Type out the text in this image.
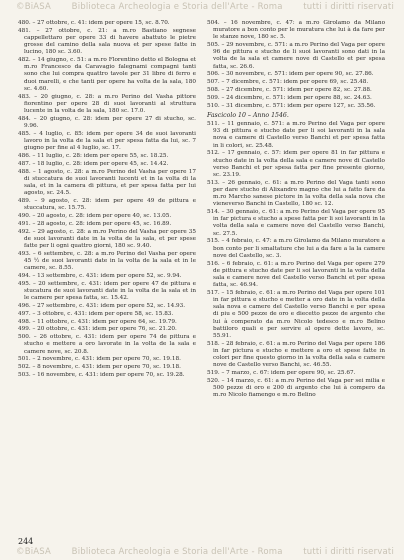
©BiASA	Biblioteca Archeologia e Storia dell'Arte - Roma	tutti i diritti riservati

480. – 27 ottobre, c. 41: idem per opere 15, sc. 8.70.

481. – 27 ottobre, c. 21: a m.ro Bastiano segnese cappellettaro per opere 33 di havere abattuto le pietre grosse del camino della sala nuova et per spese fatte in lucino, 180 sc. 3.60.

482. – 14 giugno, c. 51: a m.ro Florentino detto el Bologna et m.ro Francesco da Caravagio falegnami compagni tanti sono che lui compra quattro tavole per 31 libre di ferro e duoi marelli, e che tanti per opere ha volta de la sala, 180 sc. 4.60.

483. – 20 giugno, c. 28: a m.ro Perino del Vasha pittore fiorentino per opere 28 di suoi lavoranti al struttura lucente in la volta de la sala, 180 sc. 17.0.

484. – 20 giugno, c. 28: idem per opere 27 di stucho, sc. 9.96.

485. – 4 luglio, c. 85: idem per opere 34 de suoi lavoranti lavoro in la volta de la sala et per spesa fatta da lui, sc. 7 giugno per fine al 4 luglio, sc. 17.

486. – 11 luglio, c. 28: idem per opere 55, sc. 18.25.

487. – 18 luglio, c. 28: idem per opere 45, sc. 14.42.

488. – 1 agosto, c. 28: a m.ro Perino del Vasha per opere 17 di stuccatura de suoi lavoranti lucenti et in la volta di la sala, et in la camera di pittura, et per spesa fatta per lui agosto, sc. 24.5.

489. – 9 agosto, c. 28: idem per opere 49 de pittura e stuccatura, sc. 15.75.

490. – 20 agosto, c. 28: idem per opere 40, sc. 13.05.

491. – 28 agosto, c. 28: idem per opere 45, sc. 16.89.

492. – 29 agosto, c. 28: a m.ro Perino del Vasha per opere 35 de suoi lavoranti date in la volta de la sala, et per spese fatte per li ogni quattro giorni, 180 sc. 9.40.

493. – 6 settembre, c. 28: a m.ro Perino del Vasha per opere 45 ½ de suoi lavoranti date in la volta de la sala et in le camere, sc. 8.55.

494. – 13 settembre, c. 431: idem per opere 52, sc. 9.94.

495. – 20 settembre, c. 431: idem per opere 47 de pittura e stucatura de suoi lavoranti date in la volta de la sala et in le camere per spesa fatta, sc. 15.42.

496. – 27 settembre, c. 431: idem per opere 52, sc. 14.93.

497. – 3 ottobre, c. 431: idem per opere 58, sc. 15.83.

498. – 11 ottobre, c. 431: idem per opere 64, sc. 19.79.

499. – 20 ottobre, c. 431: idem per opere 76, sc. 21.20.

500. – 26 ottobre, c. 431: idem per opere 74 de pittura e stucho e mettere a oro lavorate in la volta de la sala e camere nove, sc. 20.8.

501. – 2 novembre, c. 431: idem per opere 70, sc. 19.18.

502. – 8 novembre, c. 431: idem per opere 70, sc. 19.18.

503. – 16 novembre, c. 431: idem per opere 70, sc. 19.28.

504. – 16 novembre, c. 47: a m.ro Girolamo da Milano muratore a bon conto per le muratura che lui à da fare per le stanze nove, 180 sc. 5.

505. – 29 novembre, c. 571: a m.ro Perino del Vaga per opere 96 de pittura e stucho de li suoi lavoranti sono dati in la volta de la sala et camere nove di Castello et per spesa fatta, sc. 26.6.

506. – 30 novembre, c. 571: idem per opere 90, sc. 27.86.

507. – 7 dicembre, c. 571: idem per opere 69, sc. 25.48.

508. – 27 dicembre, c. 571: idem per opere 82, sc. 27.88.

509. – 24 dicembre, c. 571: idem per opere 88, sc. 24.63.

510. – 31 dicembre, c. 571: idem per opere 127, sc. 35.56.

Fascicolo 10 – Anno 1546.

511. – 11 gennaio, c. 571: a m.ro Perino del Vaga per opere 93 di pittura e stucho date per li soi lavoranti in la sala nova e camere di Castello verso Banchi et per spesa fatta in li colori, sc. 25.48.

512. – 17 gennaio, c. 57: idem per opere 81 in far pittura e stucho date in la volta della sala e camere nove di Castello verso Banchi et per spesa fatta per fine presente giorno, sc. 23.19.

513. – 26 gennaio, c. 61: a m.ro Perino del Vaga tanti sono per dare stucho di Alixandro magno che lui a fatto fare da m.ro Marcho sanese pictore in la volta della sala nova che vieneverso Banchi in Castello, 180 sc. 12.

514. – 30 gennaio, c. 61: a m.ro Perino del Vaga per opere 95 in far pictura e stucho a spese fatta per li soi lavoranti in la volta della sala e camere nove del Castello verso Banchi, sc. 27.5.

515. – 4 febraio, c. 47: a m.ro Girolamo da Milano muratore a bon conto per li smaltature che lui a da fare a la la camere nove del Castello, sc. 3.

516. – 6 febraio, c. 61: a m.ro Perino del Vaga per opere 279 de pittura e stucho date per li soi lavoranti in la volta della sala e camere nove del Castello verso Banchi et per spesa fatta, sc. 46.94.

517. – 15 febraio, c. 61: a m.ro Perino del Vaga per opere 101 in far pittura e stucho e metter a oro date in la volta della sala nova e camere del Castello verso Banchi e per spesa di piu e 500 pezze de oro e diecetto pezze de argento che lui à comperato da m.ro Nicolo tedesco e m.ro Belino battiloro quali e per servire al opere dette lavoro, sc. 55.91.

518. – 28 febraio, c. 61: a m.ro Perino del Vaga per opere 186 in far pictura e stucho e mettere a oro et spese fatte in colori per fine questo giorno in la volta della sala e camere nove de Castello verso Banchi, sc. 46.55.

519. – 7 marzo, c. 67: idem per opere 90, sc. 25.67.

520. – 14 marzo, c. 61: a m.ro Perino del Vaga per sei milia e 500 pezze di oro e 200 di argento che lui à compero da m.ro Nicolo fiamengo e m.ro Belino

244
©BiASA	Biblioteca Archeologia e Storia dell'Arte - Roma	tutti i diritti riservati
